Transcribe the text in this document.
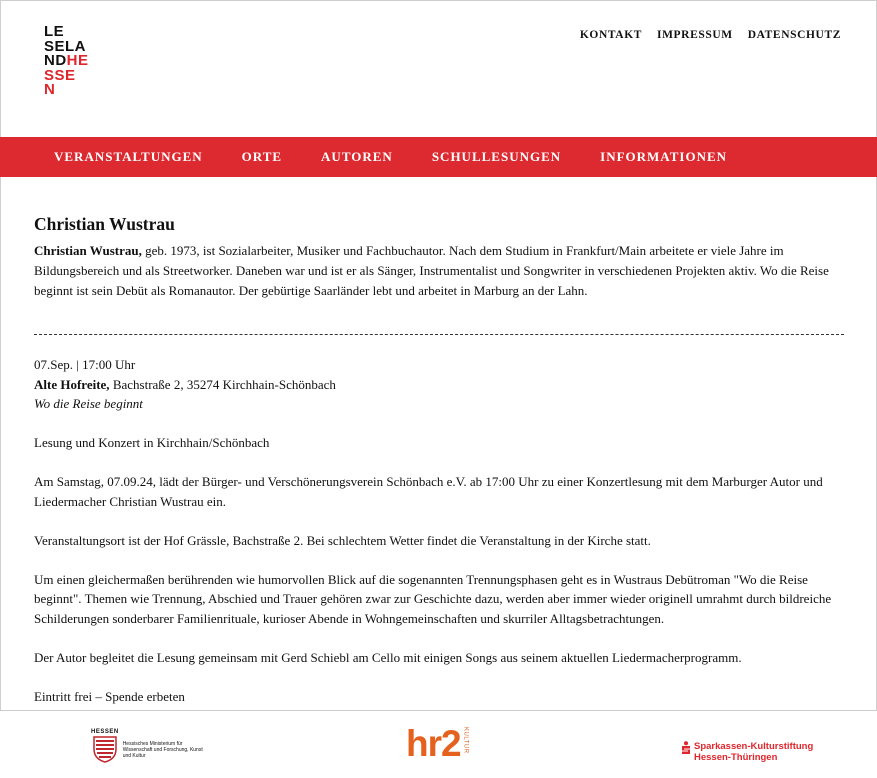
LE
SELA
NDHE
SSE
N
KONTAKT IMPRESSUM DATENSCHUTZ
VERANSTALTUNGEN	ORTE	AUTOREN	SCHULLESUNGEN	INFORMATIONEN
Christian Wustrau

Christian Wustrau, geb. 1973, ist Sozialarbeiter, Musiker und Fachbuchautor. Nach dem Studium in Frankfurt/Main arbeitete er viele Jahre im Bildungsbereich und als Streetworker. Daneben war und ist er als Sänger, Instrumentalist und Songwriter in verschiedenen Projekten aktiv. Wo die Reise beginnt ist sein Debüt als Romanautor. Der gebürtige Saarländer lebt und arbeitet in Marburg an der Lahn.

07.Sep. | 17:00 Uhr

Alte Hofreite, Bachstraße 2, 35274 Kirchhain-Schönbach

Wo die Reise beginnt

Lesung und Konzert in Kirchhain/Schönbach

Am Samstag, 07.09.24, lädt der Bürger- und Verschönerungsverein Schönbach e.V. ab 17:00 Uhr zu einer Konzertlesung mit dem Marburger Autor und Liedermacher Christian Wustrau ein.

Veranstaltungsort ist der Hof Grässle, Bachstraße 2. Bei schlechtem Wetter findet die Veranstaltung in der Kirche statt.

Um einen gleichermaßen berührenden wie humorvollen Blick auf die sogenannten Trennungsphasen geht es in Wustraus Debütroman "Wo die Reise beginnt". Themen wie Trennung, Abschied und Trauer gehören zwar zur Geschichte dazu, werden aber immer wieder originell umrahmt durch bildreiche Schilderungen sonderbarer Familienrituale, kurioser Abende in Wohngemeinschaften und skurriler Alltagsbetrachtungen.

Der Autor begleitet die Lesung gemeinsam mit Gerd Schiebl am Cello mit einigen Songs aus seinem aktuellen Liedermacherprogramm.

Eintritt frei – Spende erbeten

HESSEN
Hessisches Ministerium für Wissenschaft und Forschung, Kunst und Kultur	hr2 KULTUR	Sparkassen-Kulturstiftung
Hessen-Thüringen
